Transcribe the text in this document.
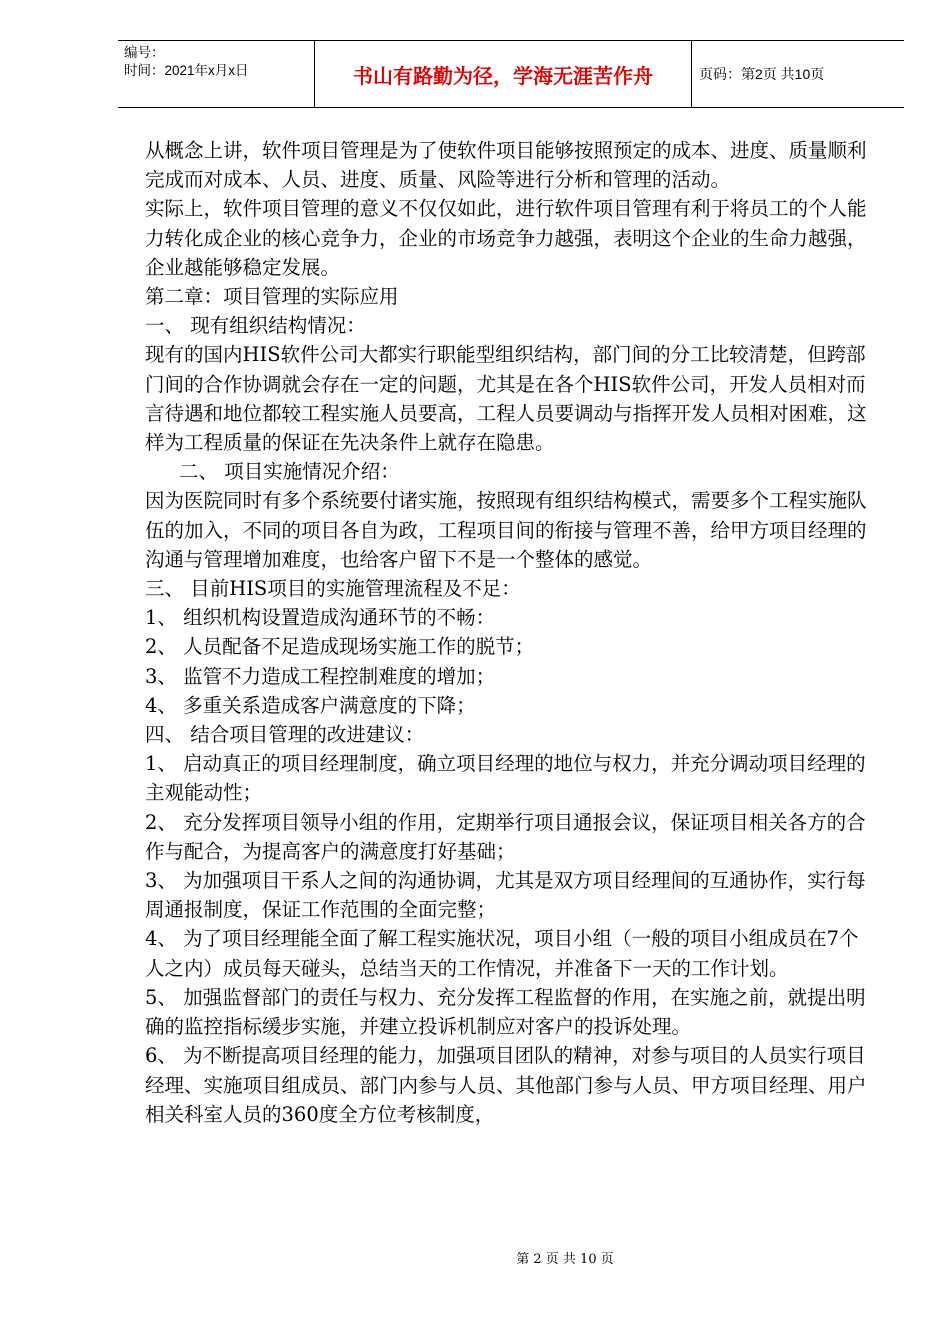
编号：
时间：2021年x月x日	书山有路勤为径，学海无涯苦作舟	页码：第2页 共10页

从概念上讲，软件项目管理是为了使软件项目能够按照预定的成本、进度、质量顺利完成而对成本、人员、进度、质量、风险等进行分析和管理的活动。

实际上，软件项目管理的意义不仅仅如此，进行软件项目管理有利于将员工的个人能力转化成企业的核心竞争力，企业的市场竞争力越强，表明这个企业的生命力越强，企业越能够稳定发展。

第二章：项目管理的实际应用

一、 现有组织结构情况：

现有的国内HIS软件公司大都实行职能型组织结构，部门间的分工比较清楚，但跨部门间的合作协调就会存在一定的问题，尤其是在各个HIS软件公司，开发人员相对而言待遇和地位都较工程实施人员要高，工程人员要调动与指挥开发人员相对困难，这样为工程质量的保证在先决条件上就存在隐患。

二、 项目实施情况介绍：

因为医院同时有多个系统要付诸实施，按照现有组织结构模式，需要多个工程实施队伍的加入，不同的项目各自为政，工程项目间的衔接与管理不善，给甲方项目经理的沟通与管理增加难度，也给客户留下不是一个整体的感觉。

三、 目前HIS项目的实施管理流程及不足：

1、 组织机构设置造成沟通环节的不畅：

2、 人员配备不足造成现场实施工作的脱节；

3、 监管不力造成工程控制难度的增加；

4、 多重关系造成客户满意度的下降；

四、 结合项目管理的改进建议：

1、 启动真正的项目经理制度，确立项目经理的地位与权力，并充分调动项目经理的主观能动性；

2、 充分发挥项目领导小组的作用，定期举行项目通报会议，保证项目相关各方的合作与配合，为提高客户的满意度打好基础；

3、 为加强项目干系人之间的沟通协调，尤其是双方项目经理间的互通协作，实行每周通报制度，保证工作范围的全面完整；

4、 为了项目经理能全面了解工程实施状况，项目小组（一般的项目小组成员在7个人之内）成员每天碰头，总结当天的工作情况，并准备下一天的工作计划。

5、 加强监督部门的责任与权力、充分发挥工程监督的作用，在实施之前，就提出明确的监控指标缓步实施，并建立投诉机制应对客户的投诉处理。

6、 为不断提高项目经理的能力，加强项目团队的精神，对参与项目的人员实行项目经理、实施项目组成员、部门内参与人员、其他部门参与人员、甲方项目经理、用户相关科室人员的360度全方位考核制度，

第 2 页 共 10 页
